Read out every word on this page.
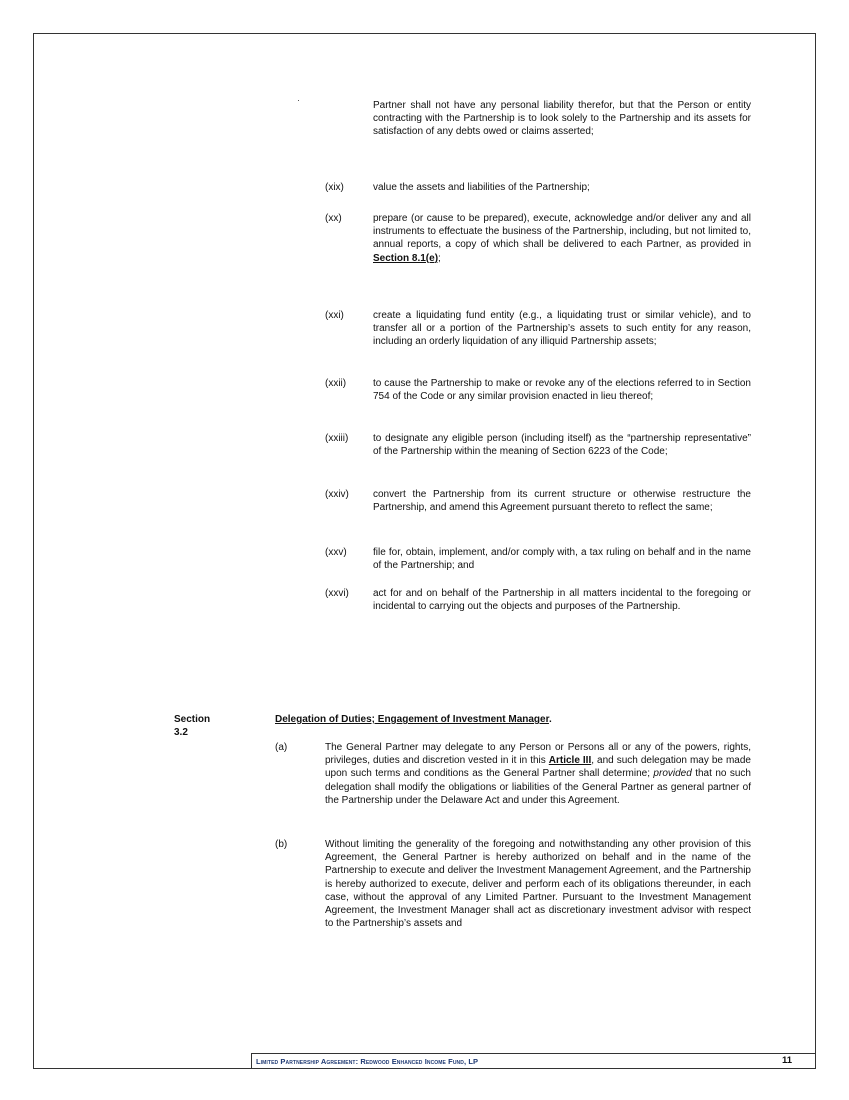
Partner shall not have any personal liability therefor, but that the Person or entity contracting with the Partnership is to look solely to the Partnership and its assets for satisfaction of any debts owed or claims asserted;
(xix)	value the assets and liabilities of the Partnership;
(xx)	prepare (or cause to be prepared), execute, acknowledge and/or deliver any and all instruments to effectuate the business of the Partnership, including, but not limited to, annual reports, a copy of which shall be delivered to each Partner, as provided in Section 8.1(e);
(xxi)	create a liquidating fund entity (e.g., a liquidating trust or similar vehicle), and to transfer all or a portion of the Partnership’s assets to such entity for any reason, including an orderly liquidation of any illiquid Partnership assets;
(xxii)	to cause the Partnership to make or revoke any of the elections referred to in Section 754 of the Code or any similar provision enacted in lieu thereof;
(xxiii)	to designate any eligible person (including itself) as the “partnership representative” of the Partnership within the meaning of Section 6223 of the Code;
(xxiv)	convert the Partnership from its current structure or otherwise restructure the Partnership, and amend this Agreement pursuant thereto to reflect the same;
(xxv)	file for, obtain, implement, and/or comply with, a tax ruling on behalf and in the name of the Partnership; and
(xxvi)	act for and on behalf of the Partnership in all matters incidental to the foregoing or incidental to carrying out the objects and purposes of the Partnership.
Section 3.2
Delegation of Duties; Engagement of Investment Manager.
(a)	The General Partner may delegate to any Person or Persons all or any of the powers, rights, privileges, duties and discretion vested in it in this Article III, and such delegation may be made upon such terms and conditions as the General Partner shall determine; provided that no such delegation shall modify the obligations or liabilities of the General Partner as general partner of the Partnership under the Delaware Act and under this Agreement.
(b)	Without limiting the generality of the foregoing and notwithstanding any other provision of this Agreement, the General Partner is hereby authorized on behalf and in the name of the Partnership to execute and deliver the Investment Management Agreement, and the Partnership is hereby authorized to execute, deliver and perform each of its obligations thereunder, in each case, without the approval of any Limited Partner. Pursuant to the Investment Management Agreement, the Investment Manager shall act as discretionary investment advisor with respect to the Partnership’s assets and
Limited Partnership Agreement: Redwood Enhanced Income Fund, LP	11
